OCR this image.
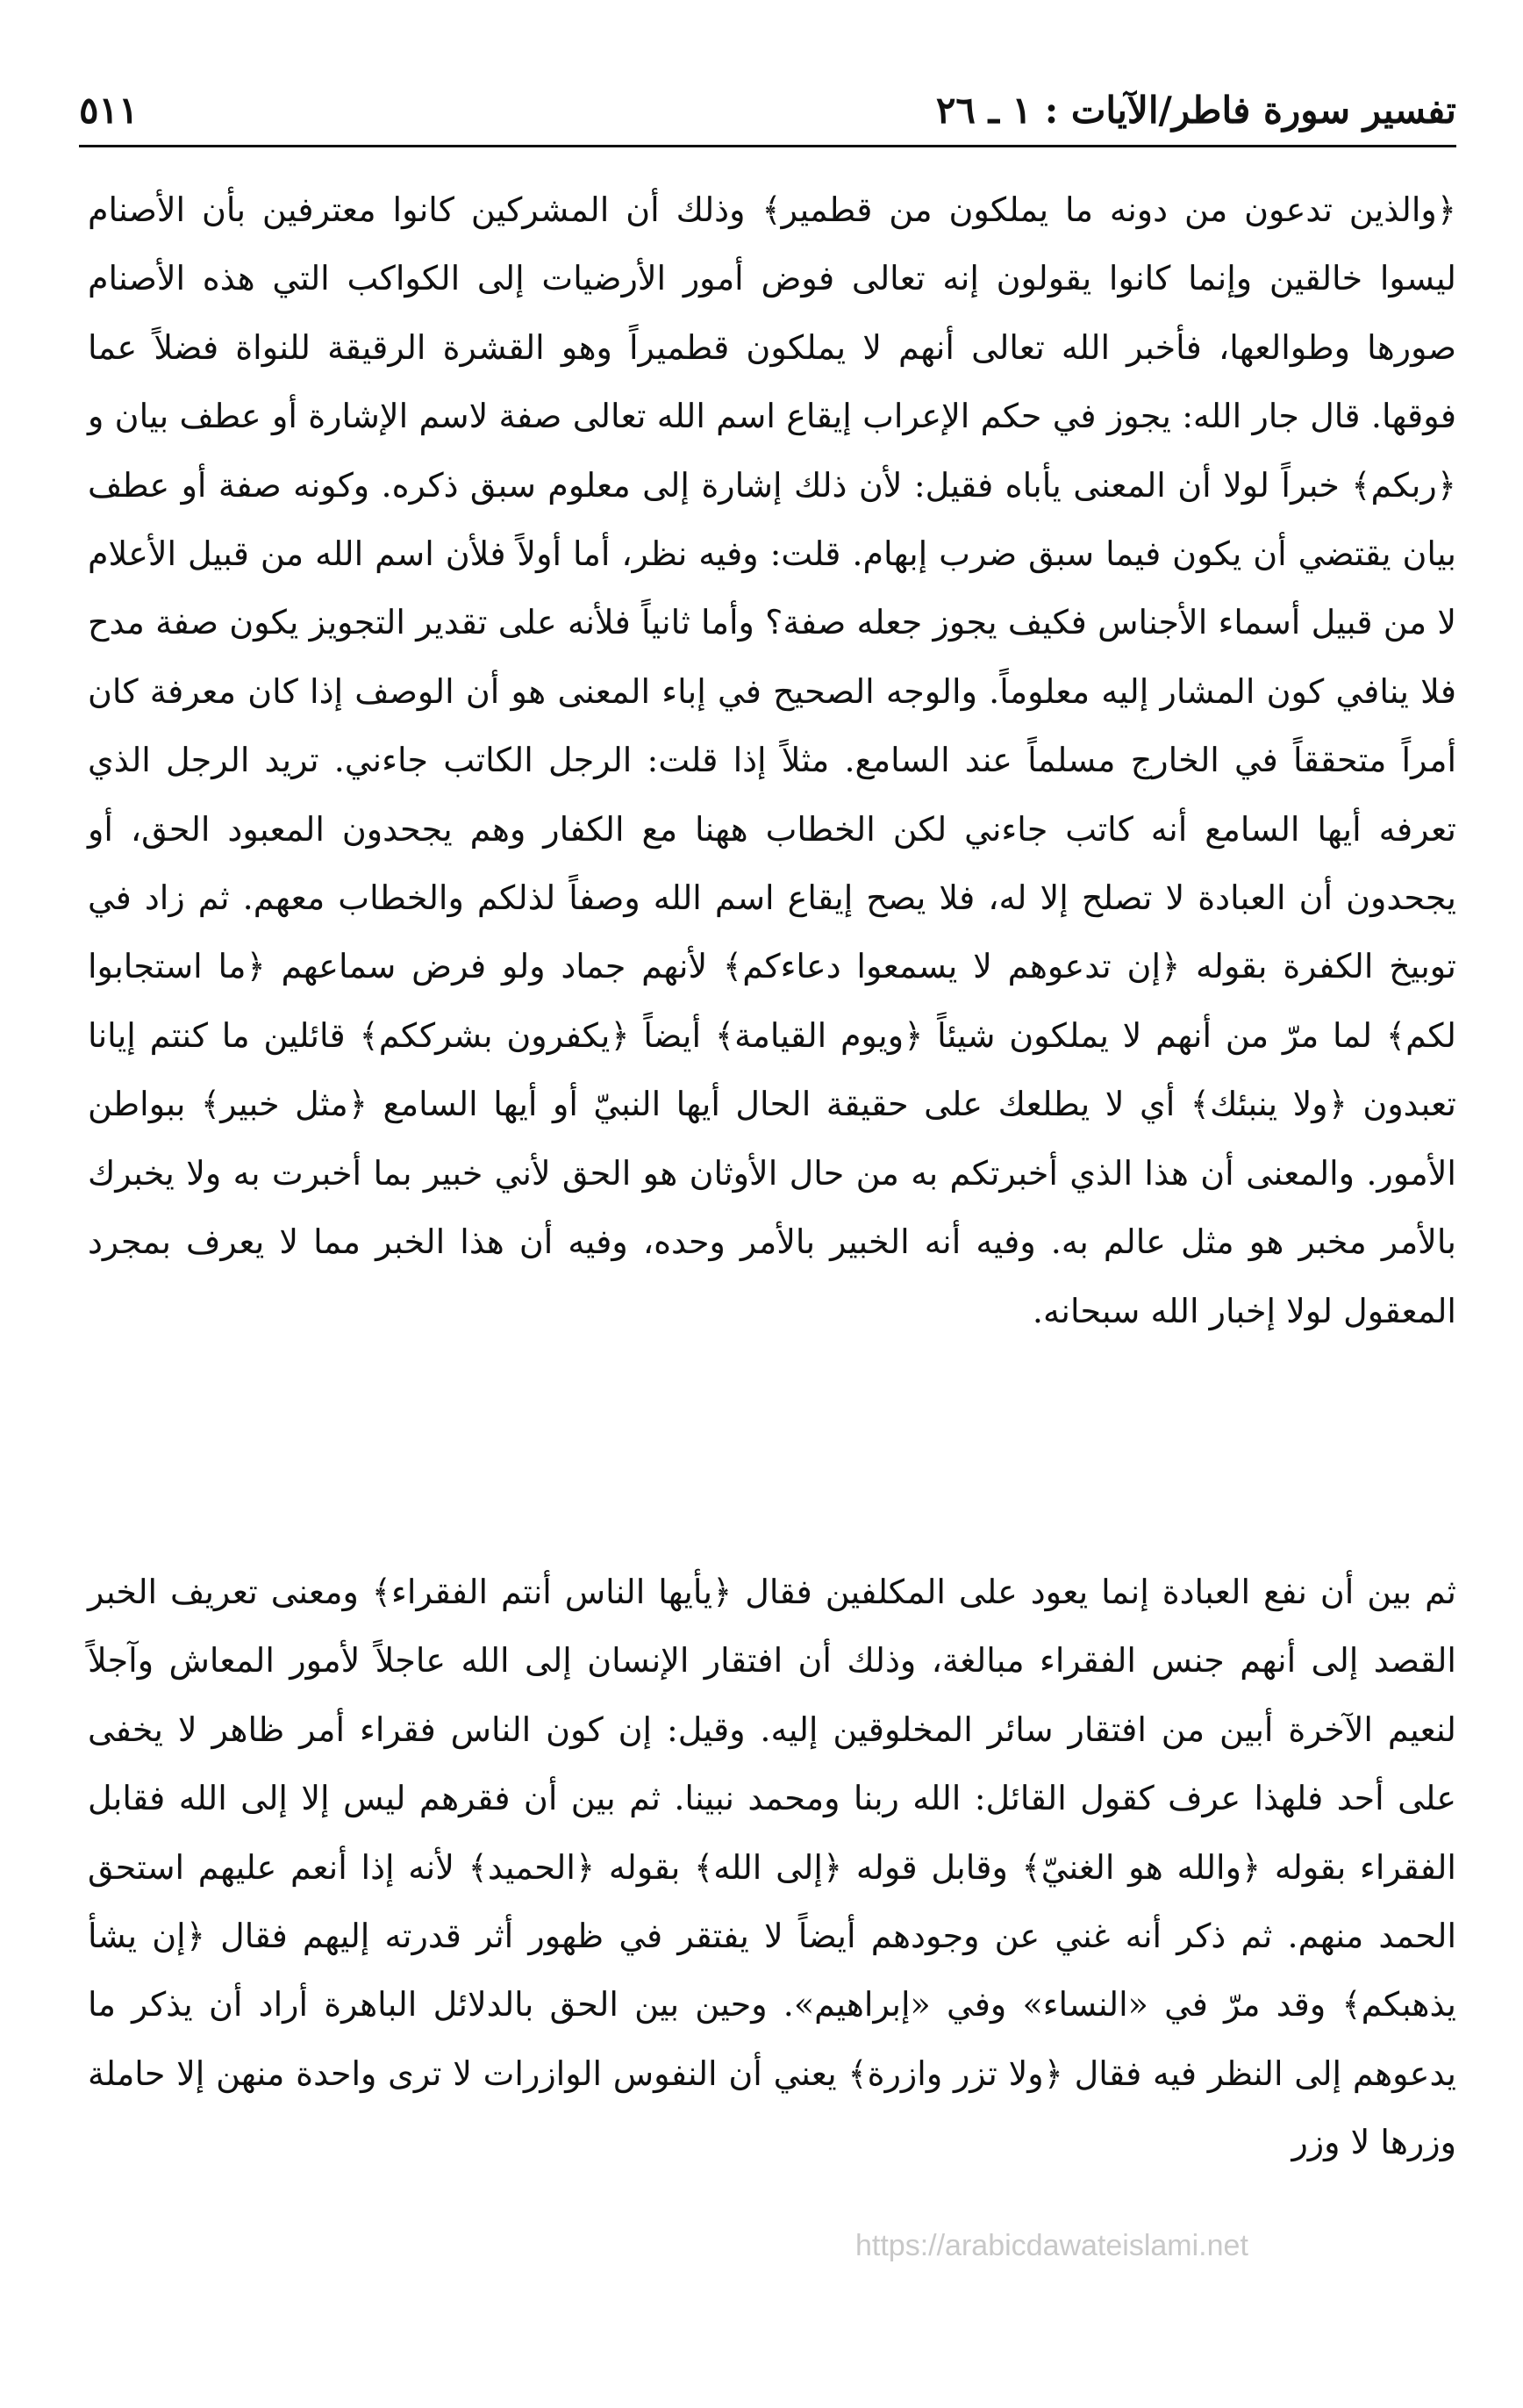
تفسير سورة فاطر/الآيات : ١ ـ ٢٦
٥١١
﴿والذين تدعون من دونه ما يملكون من قطمير﴾ وذلك أن المشركين كانوا معترفين بأن الأصنام ليسوا خالقين وإنما كانوا يقولون إنه تعالى فوض أمور الأرضيات إلى الكواكب التي هذه الأصنام صورها وطوالعها، فأخبر الله تعالى أنهم لا يملكون قطميراً وهو القشرة الرقيقة للنواة فضلاً عما فوقها. قال جار الله: يجوز في حكم الإعراب إيقاع اسم الله تعالى صفة لاسم الإشارة أو عطف بيان و ﴿ربكم﴾ خبراً لولا أن المعنى يأباه فقيل: لأن ذلك إشارة إلى معلوم سبق ذكره. وكونه صفة أو عطف بيان يقتضي أن يكون فيما سبق ضرب إبهام. قلت: وفيه نظر، أما أولاً فلأن اسم الله من قبيل الأعلام لا من قبيل أسماء الأجناس فكيف يجوز جعله صفة؟ وأما ثانياً فلأنه على تقدير التجويز يكون صفة مدح فلا ينافي كون المشار إليه معلوماً. والوجه الصحيح في إباء المعنى هو أن الوصف إذا كان معرفة كان أمراً متحققاً في الخارج مسلماً عند السامع. مثلاً إذا قلت: الرجل الكاتب جاءني. تريد الرجل الذي تعرفه أيها السامع أنه كاتب جاءني لكن الخطاب ههنا مع الكفار وهم يجحدون المعبود الحق، أو يجحدون أن العبادة لا تصلح إلا له، فلا يصح إيقاع اسم الله وصفاً لذلكم والخطاب معهم. ثم زاد في توبيخ الكفرة بقوله ﴿إن تدعوهم لا يسمعوا دعاءكم﴾ لأنهم جماد ولو فرض سماعهم ﴿ما استجابوا لكم﴾ لما مرّ من أنهم لا يملكون شيئاً ﴿ويوم القيامة﴾ أيضاً ﴿يكفرون بشرككم﴾ قائلين ما كنتم إيانا تعبدون ﴿ولا ينبئك﴾ أي لا يطلعك على حقيقة الحال أيها النبيّ أو أيها السامع ﴿مثل خبير﴾ ببواطن الأمور. والمعنى أن هذا الذي أخبرتكم به من حال الأوثان هو الحق لأني خبير بما أخبرت به ولا يخبرك بالأمر مخبر هو مثل عالم به. وفيه أنه الخبير بالأمر وحده، وفيه أن هذا الخبر مما لا يعرف بمجرد المعقول لولا إخبار الله سبحانه.
ثم بين أن نفع العبادة إنما يعود على المكلفين فقال ﴿يأيها الناس أنتم الفقراء﴾ ومعنى تعريف الخبر القصد إلى أنهم جنس الفقراء مبالغة، وذلك أن افتقار الإنسان إلى الله عاجلاً لأمور المعاش وآجلاً لنعيم الآخرة أبين من افتقار سائر المخلوقين إليه. وقيل: إن كون الناس فقراء أمر ظاهر لا يخفى على أحد فلهذا عرف كقول القائل: الله ربنا ومحمد نبينا. ثم بين أن فقرهم ليس إلا إلى الله فقابل الفقراء بقوله ﴿والله هو الغنيّ﴾ وقابل قوله ﴿إلى الله﴾ بقوله ﴿الحميد﴾ لأنه إذا أنعم عليهم استحق الحمد منهم. ثم ذكر أنه غني عن وجودهم أيضاً لا يفتقر في ظهور أثر قدرته إليهم فقال ﴿إن يشأ يذهبكم﴾ وقد مرّ في «النساء» وفي «إبراهيم». وحين بين الحق بالدلائل الباهرة أراد أن يذكر ما يدعوهم إلى النظر فيه فقال ﴿ولا تزر وازرة﴾ يعني أن النفوس الوازرات لا ترى واحدة منهن إلا حاملة وزرها لا وزر
https://arabicdawateislami.net
